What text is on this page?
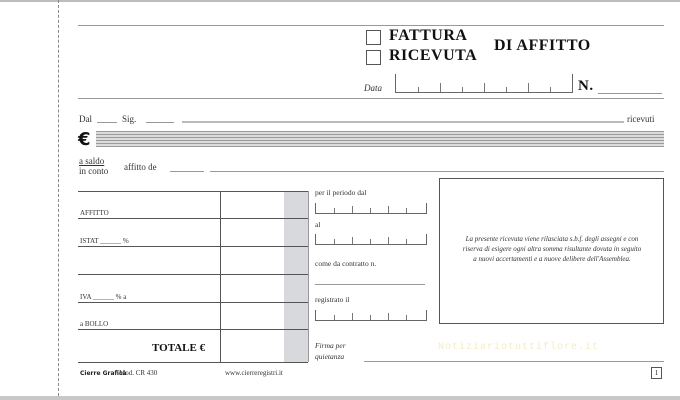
FATTURA
RICEVUTA
DI AFFITTO
Data	N.
Dal	Sig.	ricevuti
€
a saldo
in conto affitto de
AFFITTO
ISTAT ______ %
IVA ______ % a
a BOLLO
TOTALE €
per il periodo dal
al
come da contratto n.
registrato il
Firma per
quietanza
La presente ricevuta viene rilasciata s.b.f. degli assegni e con riserva di esigere ogni altra somma risultante dovuta in seguito a nuovi accertamenti e a nuove delibere dell'Assemblea.
Notiziariotuttiflore.it
Cierre Grafica
Mod. CR 430	www.cierreregistri.it	1
